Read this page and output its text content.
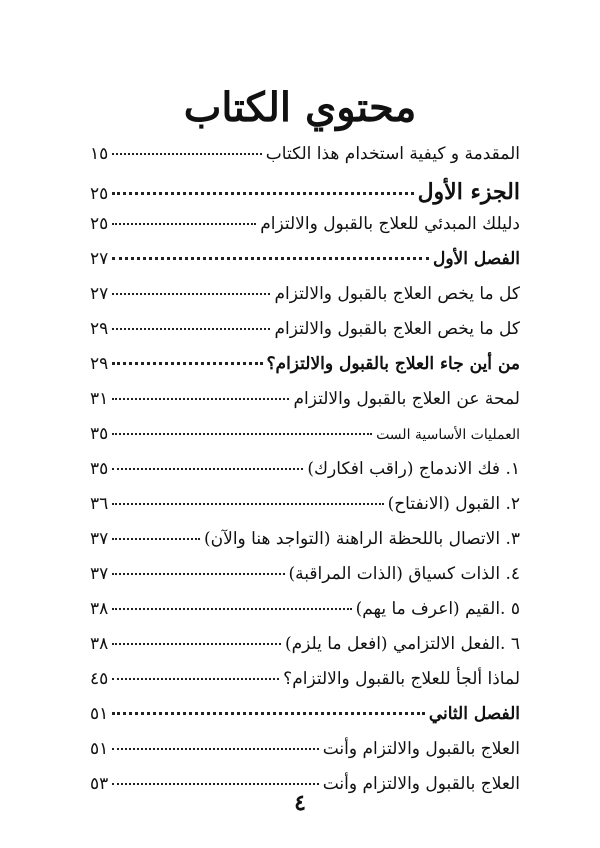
محتوي الكتاب
المقدمة و كيفية استخدام هذا الكتاب
١٥
الجزء الأول
٢٥
دليلك المبدئي للعلاج بالقبول والالتزام
٢٥
الفصل الأول
٢٧
كل ما يخص العلاج بالقبول والالتزام
٢٧
كل ما يخص العلاج بالقبول والالتزام
٢٩
من أين جاء العلاج بالقبول والالتزام؟
٢٩
لمحة عن العلاج بالقبول والالتزام
٣١
العمليات الأساسية الست
٣٥
١. فك الاندماج (راقب افكارك)
٣٥
٢. القبول (الانفتاح)
٣٦
٣. الاتصال باللحظة الراهنة (التواجد هنا والآن)
٣٧
٤. الذات كسياق (الذات المراقبة)
٣٧
٥ .القيم (اعرف ما يهم)
٣٨
٦ .الفعل الالتزامي (افعل ما يلزم)
٣٨
لماذا ألجأ للعلاج بالقبول والالتزام؟
٤٥
الفصل الثاني
٥١
العلاج بالقبول والالتزام وأنت
٥١
العلاج بالقبول والالتزام وأنت
٥٣
٤
